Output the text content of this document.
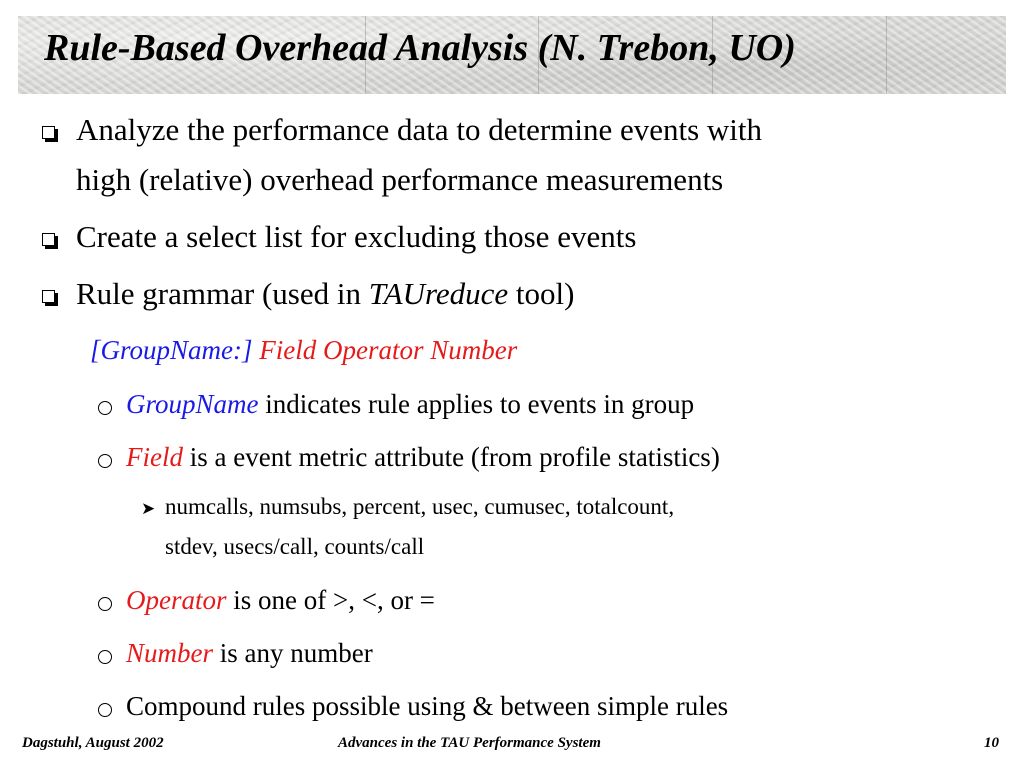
Rule-Based Overhead Analysis (N. Trebon, UO)
Analyze the performance data to determine events with
high (relative) overhead performance measurements
Create a select list for excluding those events
Rule grammar (used in TAUreduce tool)
[GroupName:] Field Operator Number
GroupName indicates rule applies to events in group
Field is a event metric attribute (from profile statistics)
➤ numcalls, numsubs, percent, usec, cumusec, totalcount,
stdev, usecs/call, counts/call
Operator is one of >, <, or =
Number is any number
Compound rules possible using & between simple rules
Dagstuhl, August 2002	Advances in the TAU Performance System	10
